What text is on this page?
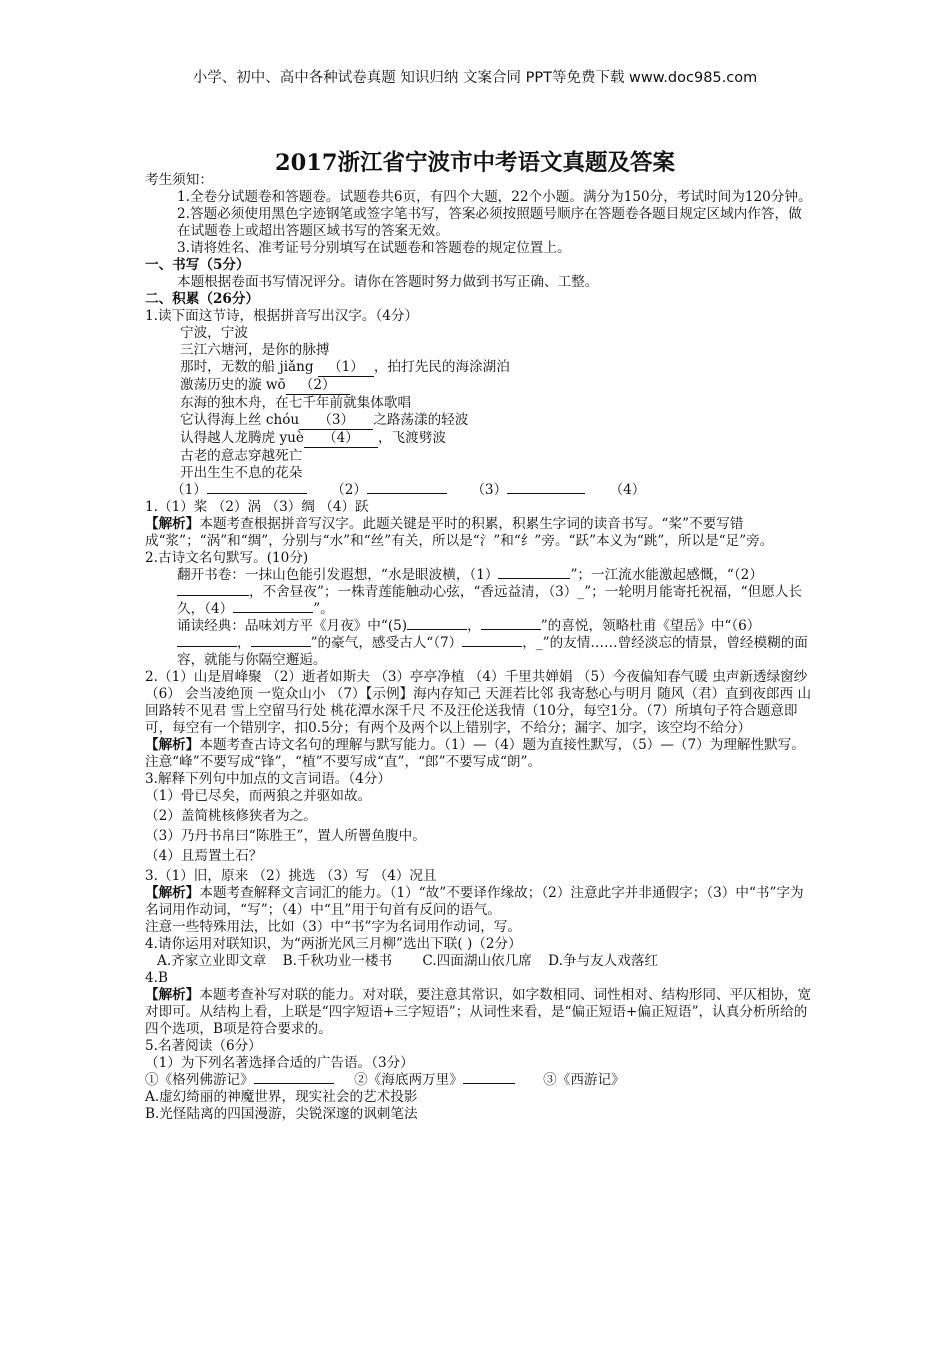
小学、初中、高中各种试卷真题 知识归纳 文案合同 PPT等免费下载 www.doc985.com
2017浙江省宁波市中考语文真题及答案

考生须知：

1.全卷分试题卷和答题卷。试题卷共6页，有四个大题，22个小题。满分为150分，考试时间为120分钟。

2.答题必须使用黑色字迹钢笔或签字笔书写，答案必须按照题号顺序在答题卷各题目规定区域内作答，做在试题卷上或超出答题区域书写的答案无效。

3.请将姓名、准考证号分别填写在试题卷和答题卷的规定位置上。

一、书写（5分）

本题根据卷面书写情况评分。请你在答题时努力做到书写正确、工整。

二、积累（26分）

1.读下面这节诗，根据拼音写出汉字。（4分）

宁波，宁波

三江六塘河，是你的脉搏

那时，无数的船 jiǎng （1） ，拍打先民的海涂湖泊

激荡历史的漩 wō （2）

东海的独木舟，在七千年前就集体歌唱

它认得海上丝 chóu （3） 之路荡漾的轻波

认得越人龙腾虎 yuè （4） ，飞渡劈波

古老的意志穿越死亡

开出生生不息的花朵

（1）	（2）	（3）	（4）

1.（1）桨 （2）涡 （3）绸 （4）跃

【解析】本题考查根据拼音写汉字。此题关键是平时的积累，积累生字词的读音书写。“桨”不要写错成“浆”；“涡”和“绸”，分别与“水”和“丝”有关，所以是“氵”和“纟”旁。“跃”本义为“跳”，所以是“足”旁。

2.古诗文名句默写。(10分)

翻开书卷：一抹山色能引发遐想，“水是眼波横，（1）	”；一江流水能激起感慨，“（2），不舍昼夜”；一株青莲能触动心弦，“香远益清，（3）_”；一轮明月能寄托祝福，“但愿人长久，（4）	”。

诵读经典：品味刘方平《月夜》中“(5)	，	”的喜悦，领略杜甫《望岳》中“（6），	”的豪气，感受古人“（7）	，_”的友情……曾经淡忘的情景，曾经模糊的面容，就能与你隔空邂逅。

2.（1）山是眉峰聚 （2）逝者如斯夫 （3）亭亭净植 （4）千里共婵娟 （5）今夜偏知春气暖 虫声新透绿窗纱 （6） 会当凌绝顶 一览众山小 （7）【示例】海内存知己 天涯若比邻 我寄愁心与明月 随风（君）直到夜郎西 山回路转不见君 雪上空留马行处 桃花潭水深千尺 不及汪伦送我情（10分，每空1分。（7）所填句子符合题意即可，每空有一个错别字，扣0.5分；有两个及两个以上错别字，不给分；漏字、加字，该空均不给分）

【解析】本题考查古诗文名句的理解与默写能力。（1）—（4）题为直接性默写，（5）—（7）为理解性默写。注意“峰”不要写成“锋”，“植”不要写成“直”，“郎”不要写成“朗”。

3.解释下列句中加点的文言词语。（4分）

（1）骨已尽矣，而两狼之并驱如故。

（2）盖简桃核修狭者为之。

（3）乃丹书帛曰“陈胜王”，置人所罾鱼腹中。

（4）且焉置土石？

3.（1）旧，原来 （2）挑选 （3）写 （4）况且

【解析】本题考查解释文言词汇的能力。（1）“故”不要译作缘故；（2）注意此字并非通假字；（3）中“书”字为名词用作动词，“写”；（4）中“且”用于句首有反问的语气。

注意一些特殊用法，比如（3）中“书”字为名词用作动词，写。

4.请你运用对联知识，为“两浙光风三月柳”选出下联( )（2分）

A.齐家立业即文章 B.千秋功业一楼书 C.四面湖山依几席 D.争与友人戏落红

4.B

【解析】本题考查补写对联的能力。对对联，要注意其常识，如字数相同、词性相对、结构形同、平仄相协，宽对即可。从结构上看，上联是“四字短语+三字短语”；从词性来看，是“偏正短语+偏正短语”，认真分析所给的四个选项，B项是符合要求的。

5.名著阅读（6分）

（1）为下列名著选择合适的广告语。（3分）

①《格列佛游记》	②《海底两万里》	③《西游记》

A.虚幻绮丽的神魔世界，现实社会的艺术投影

B.光怪陆离的四国漫游，尖锐深邃的讽刺笔法
